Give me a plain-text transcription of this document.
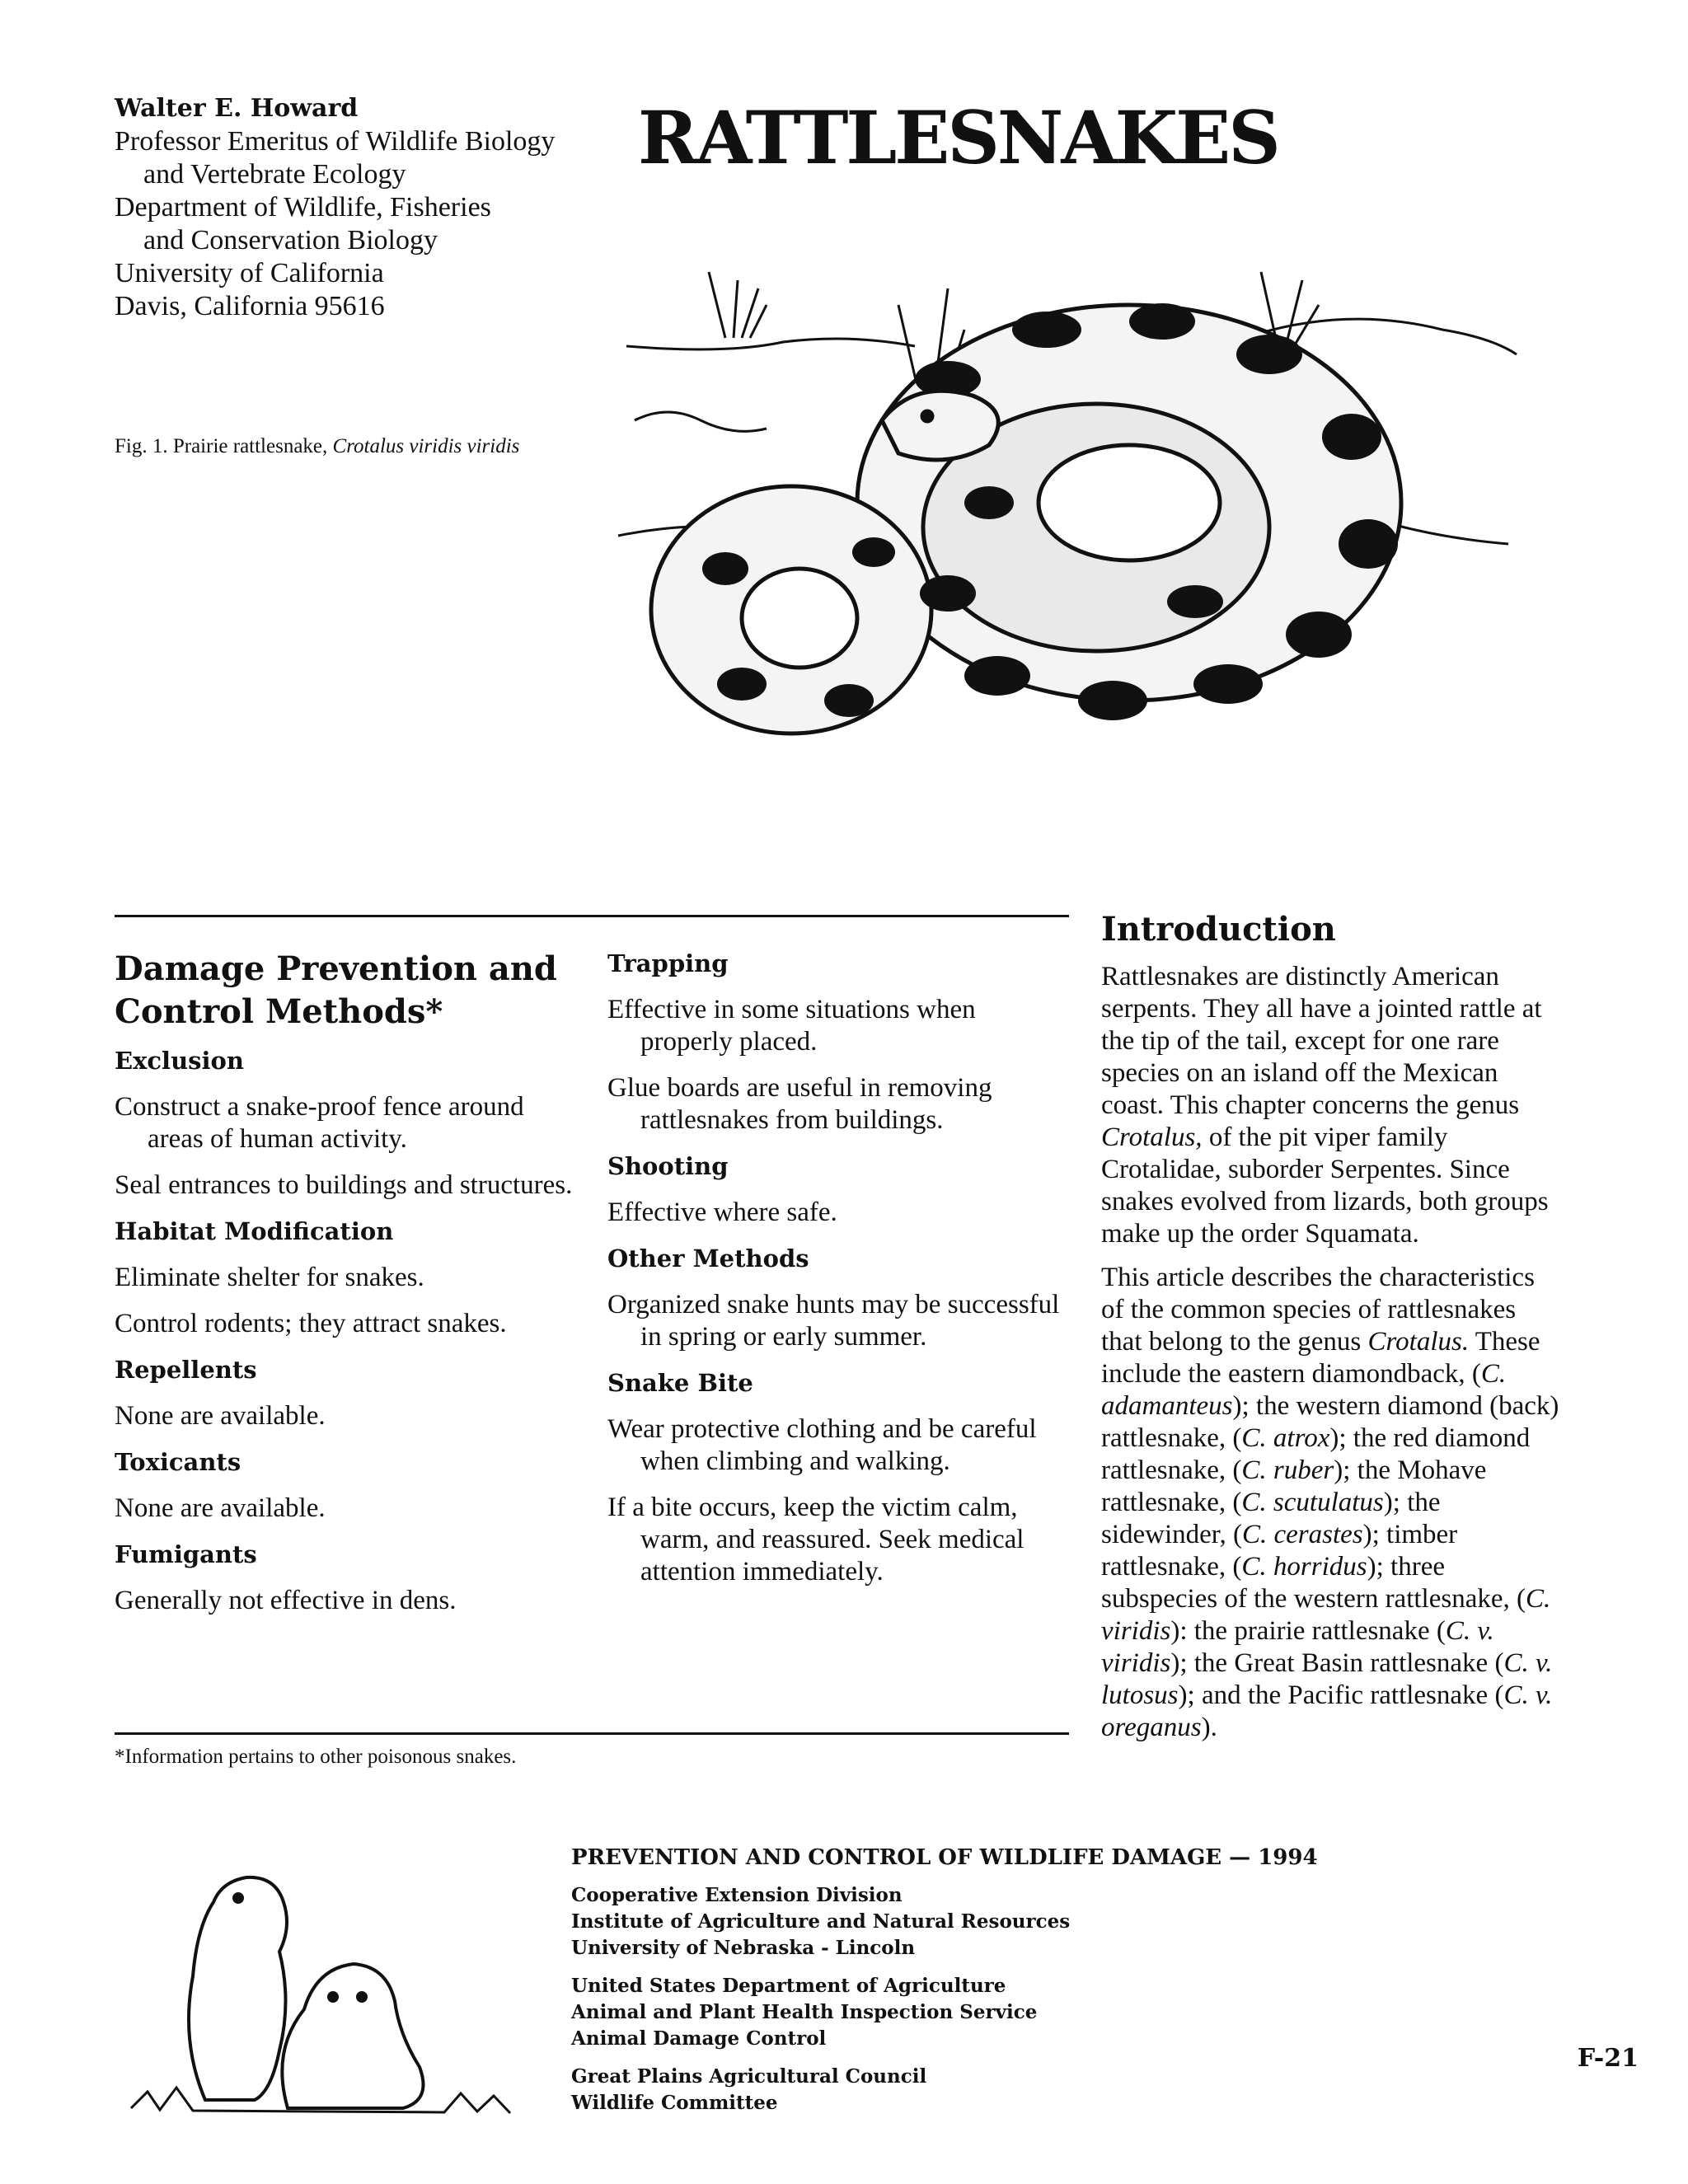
Walter E. Howard
Professor Emeritus of Wildlife Biology
and Vertebrate Ecology
Department of Wildlife, Fisheries
and Conservation Biology
University of California
Davis, California 95616
RATTLESNAKES
Fig. 1. Prairie rattlesnake, Crotalus viridis viridis
Damage Prevention and
Control Methods*
Exclusion

Construct a snake-proof fence around areas of human activity.

Seal entrances to buildings and structures.

Habitat Modification

Eliminate shelter for snakes.

Control rodents; they attract snakes.

Repellents

None are available.

Toxicants

None are available.

Fumigants

Generally not effective in dens.

Trapping

Effective in some situations when properly placed.

Glue boards are useful in removing rattlesnakes from buildings.

Shooting

Effective where safe.

Other Methods

Organized snake hunts may be successful in spring or early summer.

Snake Bite

Wear protective clothing and be careful when climbing and walking.

If a bite occurs, keep the victim calm, warm, and reassured. Seek medical attention immediately.

*Information pertains to other poisonous snakes.
Introduction

Rattlesnakes are distinctly American serpents. They all have a jointed rattle at the tip of the tail, except for one rare species on an island off the Mexican coast. This chapter concerns the genus Crotalus, of the pit viper family Crotalidae, suborder Serpentes. Since snakes evolved from lizards, both groups make up the order Squamata.

This article describes the characteristics of the common species of rattlesnakes that belong to the genus Crotalus. These include the eastern diamondback, (C. adamanteus); the western diamond (back) rattlesnake, (C. atrox); the red diamond rattlesnake, (C. ruber); the Mohave rattlesnake, (C. scutulatus); the sidewinder, (C. cerastes); timber rattlesnake, (C. horridus); three subspecies of the western rattlesnake, (C. viridis): the prairie rattlesnake (C. v. viridis); the Great Basin rattlesnake (C. v. lutosus); and the Pacific rattlesnake (C. v. oreganus).

PREVENTION AND CONTROL OF WILDLIFE DAMAGE — 1994
Cooperative Extension Division
Institute of Agriculture and Natural Resources
University of Nebraska - Lincoln
United States Department of Agriculture
Animal and Plant Health Inspection Service
Animal Damage Control
Great Plains Agricultural Council
Wildlife Committee
F-21
